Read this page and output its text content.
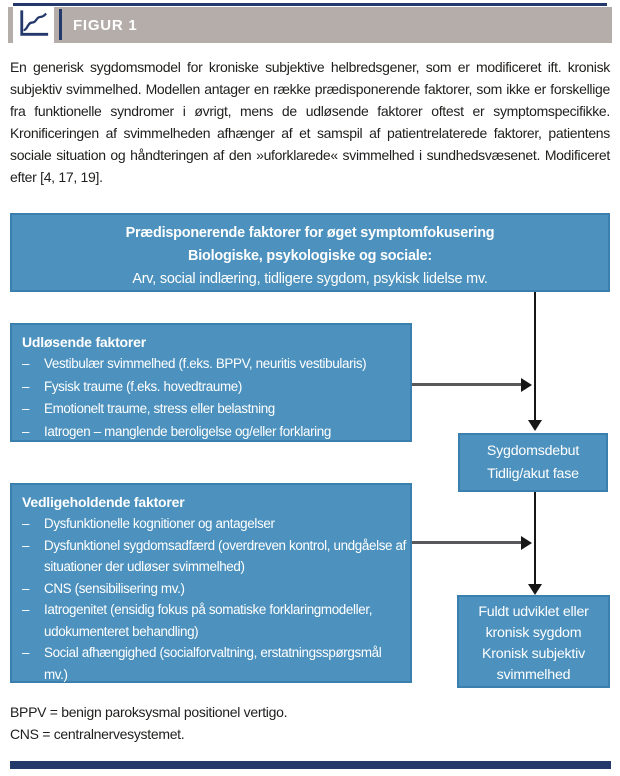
FIGUR 1
En generisk sygdomsmodel for kroniske subjektive helbredsgener, som er modificeret ift. kronisk subjektiv svimmelhed. Modellen antager en række prædisponerende faktorer, som ikke er forskellige fra funktionelle syndromer i øvrigt, mens de udløsende faktorer oftest er symptomspecifikke. Kronificeringen af svimmelheden afhænger af et samspil af patientrelaterede faktorer, patientens sociale situation og håndteringen af den »uforklarede« svimmelhed i sundhedsvæsenet. Modificeret efter [4, 17, 19].
Prædisponerende faktorer for øget symptomfokusering
Biologiske, psykologiske og sociale:
Arv, social indlæring, tidligere sygdom, psykisk lidelse mv.
Udløsende faktorer
–	Vestibulær svimmelhed (f.eks. BPPV, neuritis vestibularis)
–	Fysisk traume (f.eks. hovedtraume)
–	Emotionelt traume, stress eller belastning
–	Iatrogen – manglende beroligelse og/eller forklaring
Sygdomsdebut
Tidlig/akut fase
Vedligeholdende faktorer
–	Dysfunktionelle kognitioner og antagelser
–	Dysfunktionel sygdomsadfærd (overdreven kontrol, undgåelse af situationer der udløser svimmelhed)
–	CNS (sensibilisering mv.)
–	Iatrogenitet (ensidig fokus på somatiske forklaringmodeller, udokumenteret behandling)
–	Social afhængighed (socialforvaltning, erstatningsspørgsmål mv.)
Fuldt udviklet eller
kronisk sygdom
Kronisk subjektiv
svimmelhed
BPPV = benign paroksysmal positionel vertigo.
CNS = centralnervesystemet.
